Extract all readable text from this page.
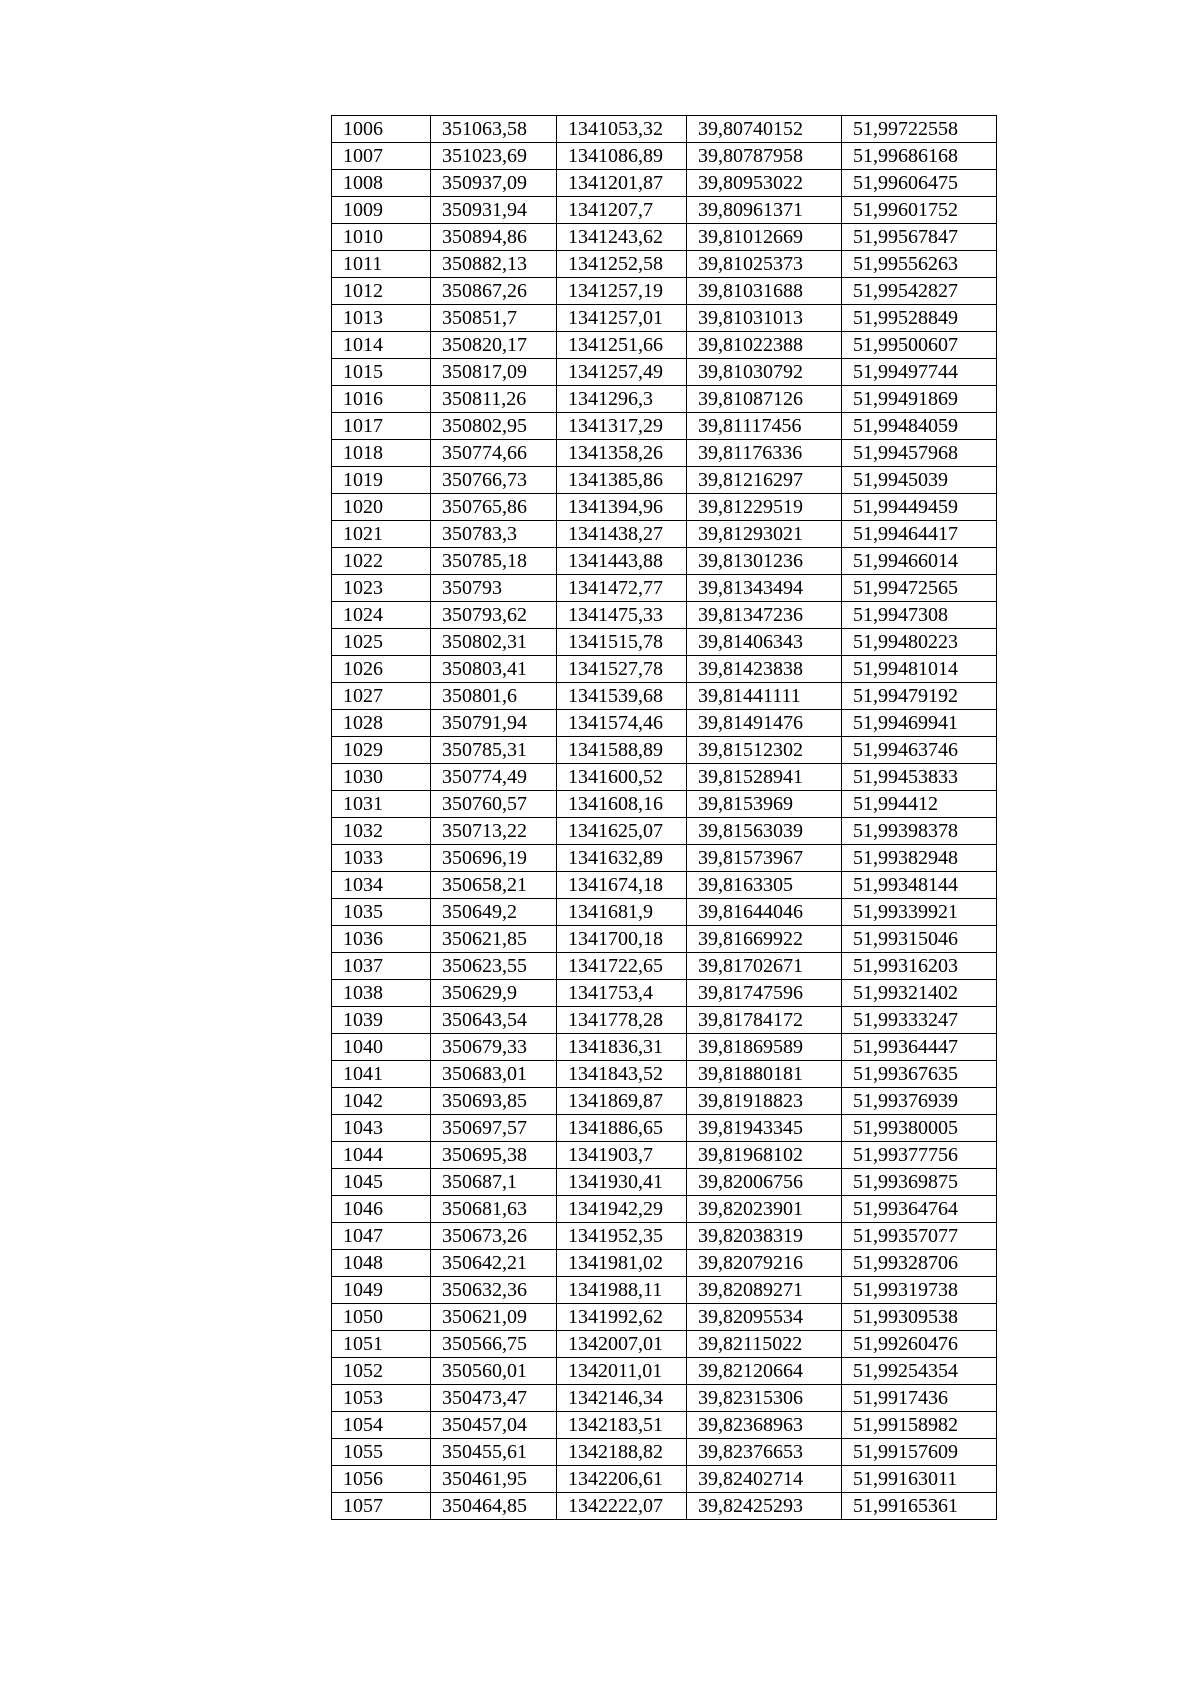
1006	351063,58	1341053,32	39,80740152	51,99722558
1007	351023,69	1341086,89	39,80787958	51,99686168
1008	350937,09	1341201,87	39,80953022	51,99606475
1009	350931,94	1341207,7	39,80961371	51,99601752
1010	350894,86	1341243,62	39,81012669	51,99567847
1011	350882,13	1341252,58	39,81025373	51,99556263
1012	350867,26	1341257,19	39,81031688	51,99542827
1013	350851,7	1341257,01	39,81031013	51,99528849
1014	350820,17	1341251,66	39,81022388	51,99500607
1015	350817,09	1341257,49	39,81030792	51,99497744
1016	350811,26	1341296,3	39,81087126	51,99491869
1017	350802,95	1341317,29	39,81117456	51,99484059
1018	350774,66	1341358,26	39,81176336	51,99457968
1019	350766,73	1341385,86	39,81216297	51,9945039
1020	350765,86	1341394,96	39,81229519	51,99449459
1021	350783,3	1341438,27	39,81293021	51,99464417
1022	350785,18	1341443,88	39,81301236	51,99466014
1023	350793	1341472,77	39,81343494	51,99472565
1024	350793,62	1341475,33	39,81347236	51,9947308
1025	350802,31	1341515,78	39,81406343	51,99480223
1026	350803,41	1341527,78	39,81423838	51,99481014
1027	350801,6	1341539,68	39,81441111	51,99479192
1028	350791,94	1341574,46	39,81491476	51,99469941
1029	350785,31	1341588,89	39,81512302	51,99463746
1030	350774,49	1341600,52	39,81528941	51,99453833
1031	350760,57	1341608,16	39,8153969	51,994412
1032	350713,22	1341625,07	39,81563039	51,99398378
1033	350696,19	1341632,89	39,81573967	51,99382948
1034	350658,21	1341674,18	39,8163305	51,99348144
1035	350649,2	1341681,9	39,81644046	51,99339921
1036	350621,85	1341700,18	39,81669922	51,99315046
1037	350623,55	1341722,65	39,81702671	51,99316203
1038	350629,9	1341753,4	39,81747596	51,99321402
1039	350643,54	1341778,28	39,81784172	51,99333247
1040	350679,33	1341836,31	39,81869589	51,99364447
1041	350683,01	1341843,52	39,81880181	51,99367635
1042	350693,85	1341869,87	39,81918823	51,99376939
1043	350697,57	1341886,65	39,81943345	51,99380005
1044	350695,38	1341903,7	39,81968102	51,99377756
1045	350687,1	1341930,41	39,82006756	51,99369875
1046	350681,63	1341942,29	39,82023901	51,99364764
1047	350673,26	1341952,35	39,82038319	51,99357077
1048	350642,21	1341981,02	39,82079216	51,99328706
1049	350632,36	1341988,11	39,82089271	51,99319738
1050	350621,09	1341992,62	39,82095534	51,99309538
1051	350566,75	1342007,01	39,82115022	51,99260476
1052	350560,01	1342011,01	39,82120664	51,99254354
1053	350473,47	1342146,34	39,82315306	51,9917436
1054	350457,04	1342183,51	39,82368963	51,99158982
1055	350455,61	1342188,82	39,82376653	51,99157609
1056	350461,95	1342206,61	39,82402714	51,99163011
1057	350464,85	1342222,07	39,82425293	51,99165361
